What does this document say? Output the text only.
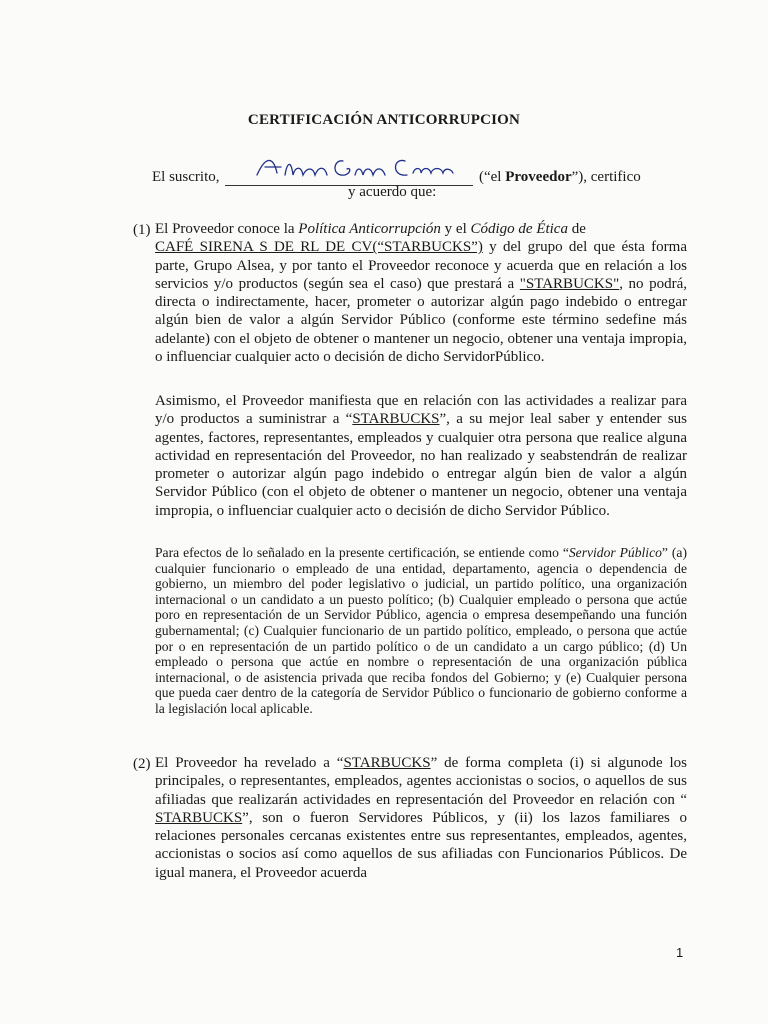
CERTIFICACIÓN ANTICORRUPCION
El suscrito,	(“el Proveedor”), certifico
y acuerdo que:
(1) El Proveedor conoce la Política Anticorrupción y el Código de Ética de
CAFÉ SIRENA S DE RL DE CV(“STARBUCKS”) y del grupo del que ésta forma parte, Grupo Alsea, y por tanto el Proveedor reconoce y acuerda que en relación a los servicios y/o productos (según sea el caso) que prestará a "STARBUCKS", no podrá, directa o indirectamente, hacer, prometer o autorizar algún pago indebido o entregar algún bien de valor a algún Servidor Público (conforme este término sedefine más adelante) con el objeto de obtener o mantener un negocio, obtener una ventaja impropia, o influenciar cualquier acto o decisión de dicho ServidorPúblico.
Asimismo, el Proveedor manifiesta que en relación con las actividades a realizar para y/o productos a suministrar a “STARBUCKS”, a su mejor leal saber y entender sus agentes, factores, representantes, empleados y cualquier otra persona que realice alguna actividad en representación del Proveedor, no han realizado y seabstendrán de realizar prometer o autorizar algún pago indebido o entregar algún bien de valor a algún Servidor Público (con el objeto de obtener o mantener un negocio, obtener una ventaja impropia, o influenciar cualquier acto o decisión de dicho Servidor Público.
Para efectos de lo señalado en la presente certificación, se entiende como “Servidor Público” (a) cualquier funcionario o empleado de una entidad, departamento, agencia o dependencia de gobierno, un miembro del poder legislativo o judicial, un partido político, una organización internacional o un candidato a un puesto político; (b) Cualquier empleado o persona que actúe poro en representación de un Servidor Público, agencia o empresa desempeñando una función gubernamental; (c) Cualquier funcionario de un partido político, empleado, o persona que actúe por o en representación de un partido político o de un candidato a un cargo público; (d) Un empleado o persona que actúe en nombre o representación de una organización pública internacional, o de asistencia privada que reciba fondos del Gobierno; y (e) Cualquier persona que pueda caer dentro de la categoría de Servidor Público o funcionario de gobierno conforme a la legislación local aplicable.
(2) El Proveedor ha revelado a “STARBUCKS” de forma completa (i) si algunode los principales, o representantes, empleados, agentes accionistas o socios, o aquellos de sus afiliadas que realizarán actividades en representación del Proveedor en relación con “ STARBUCKS”, son o fueron Servidores Públicos, y (ii) los lazos familiares o relaciones personales cercanas existentes entre sus representantes, empleados, agentes, accionistas o socios así como aquellos de sus afiliadas con Funcionarios Públicos. De igual manera, el Proveedor acuerda
1
